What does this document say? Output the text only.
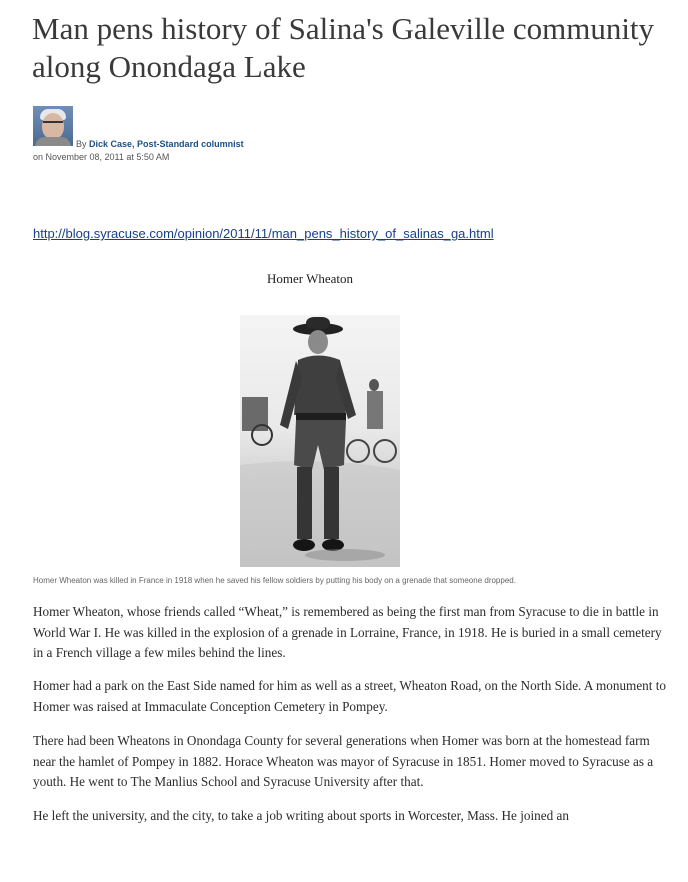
Man pens history of Salina's Galeville community along Onondaga Lake
By Dick Case, Post-Standard columnist
on November 08, 2011 at 5:50 AM
http://blog.syracuse.com/opinion/2011/11/man_pens_history_of_salinas_ga.html
Homer Wheaton
Homer Wheaton was killed in France in 1918 when he saved his fellow soldiers by putting his body on a grenade that someone dropped.

Homer Wheaton, whose friends called “Wheat,” is remembered as being the first man from Syracuse to die in battle in World War I. He was killed in the explosion of a grenade in Lorraine, France, in 1918. He is buried in a small cemetery in a French village a few miles behind the lines.

Homer had a park on the East Side named for him as well as a street, Wheaton Road, on the North Side. A monument to Homer was raised at Immaculate Conception Cemetery in Pompey.

There had been Wheatons in Onondaga County for several generations when Homer was born at the homestead farm near the hamlet of Pompey in 1882. Horace Wheaton was mayor of Syracuse in 1851. Homer moved to Syracuse as a youth. He went to The Manlius School and Syracuse University after that.

He left the university, and the city, to take a job writing about sports in Worcester, Mass. He joined an
